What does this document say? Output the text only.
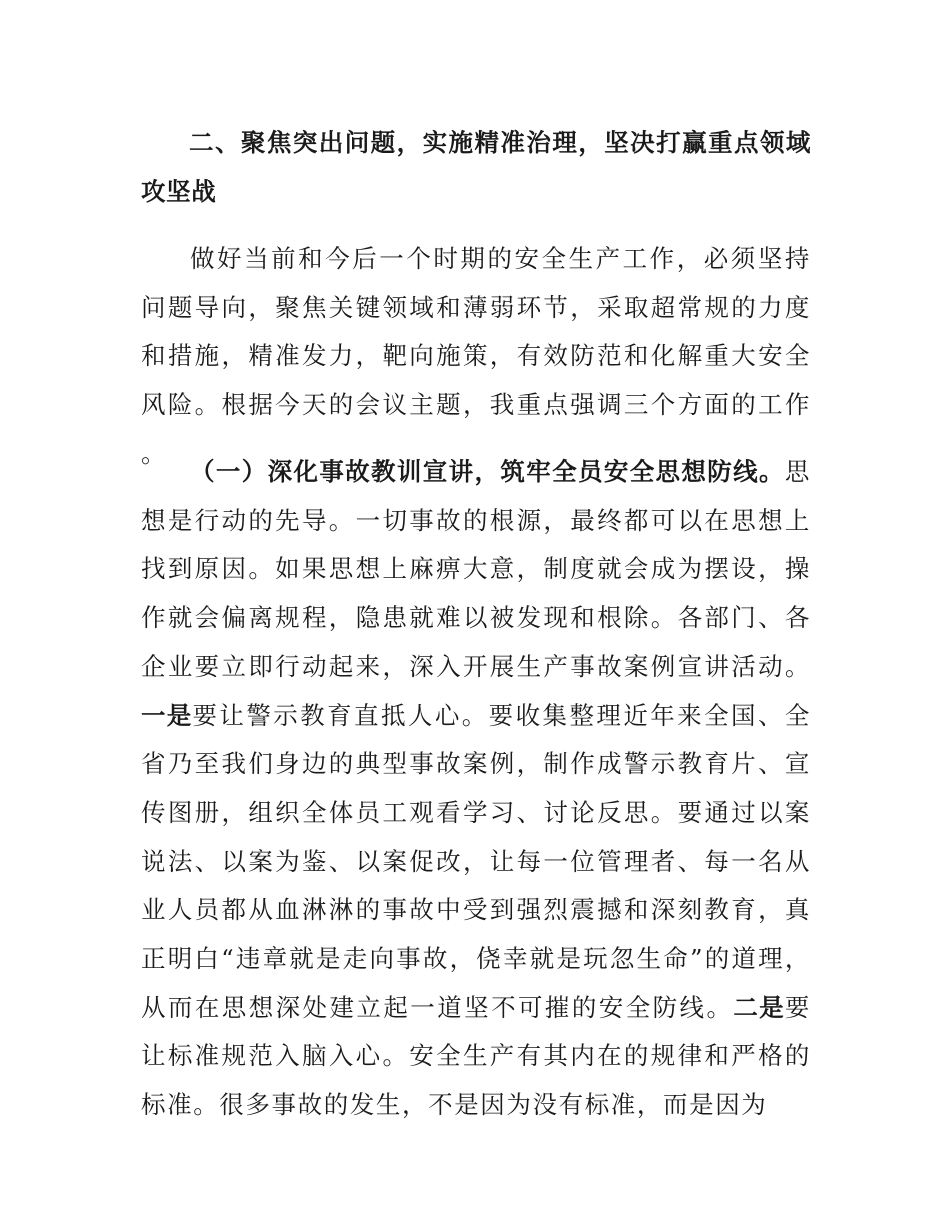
二、聚焦突出问题，实施精准治理，坚决打赢重点领域攻坚战

做好当前和今后一个时期的安全生产工作，必须坚持问题导向，聚焦关键领域和薄弱环节，采取超常规的力度和措施，精准发力，靶向施策，有效防范和化解重大安全风险。根据今天的会议主题，我重点强调三个方面的工作。

（一）深化事故教训宣讲，筑牢全员安全思想防线。思想是行动的先导。一切事故的根源，最终都可以在思想上找到原因。如果思想上麻痹大意，制度就会成为摆设，操作就会偏离规程，隐患就难以被发现和根除。各部门、各企业要立即行动起来，深入开展生产事故案例宣讲活动。一是要让警示教育直抵人心。要收集整理近年来全国、全省乃至我们身边的典型事故案例，制作成警示教育片、宣传图册，组织全体员工观看学习、讨论反思。要通过以案说法、以案为鉴、以案促改，让每一位管理者、每一名从业人员都从血淋淋的事故中受到强烈震撼和深刻教育，真正明白“违章就是走向事故，侥幸就是玩忽生命”的道理，从而在思想深处建立起一道坚不可摧的安全防线。二是要让标准规范入脑入心。安全生产有其内在的规律和严格的标准。很多事故的发生，不是因为没有标准，而是因为
